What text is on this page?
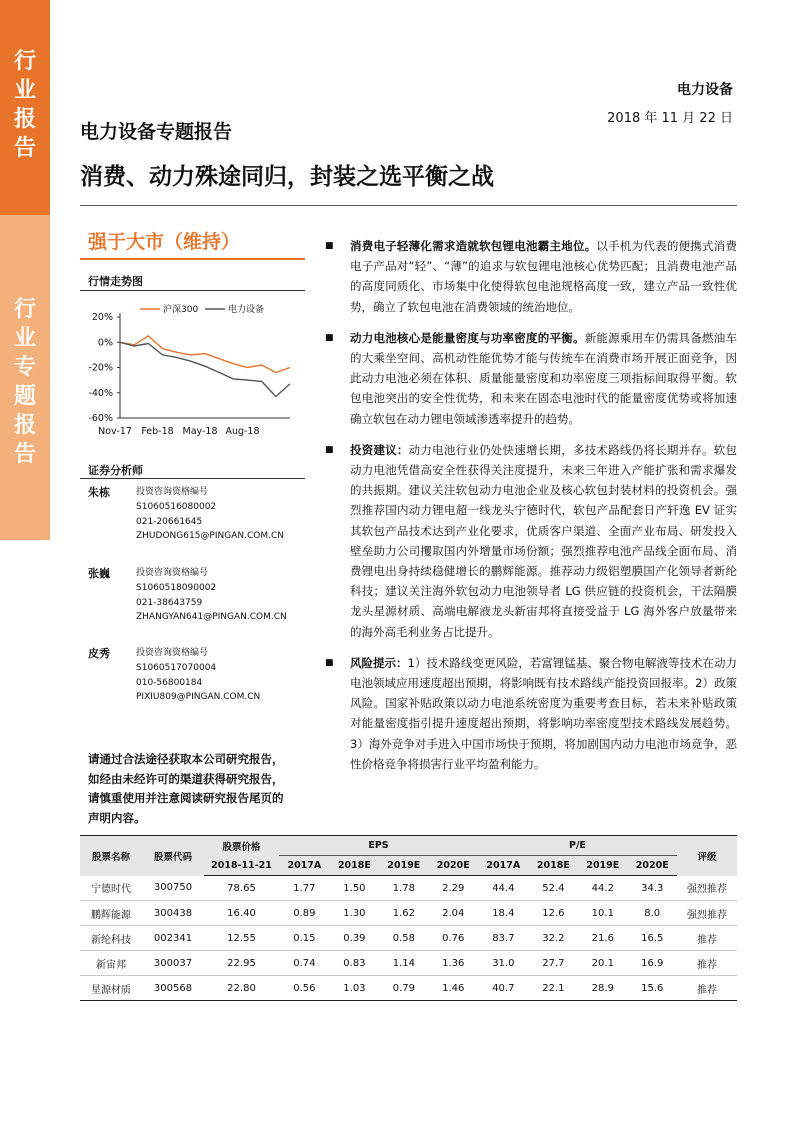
行
业
报
告
行
业
专
题
报
告
电力设备
2018 年 11 月 22 日
电力设备专题报告
消费、动力殊途同归，封装之选平衡之战
强于大市（维持）
行情走势图
20%
0%
-20%
-40%
-60%
Nov-17 Feb-18 May-18 Aug-18
沪深300	电力设备
证券分析师
朱栋	投资咨询资格编号
S1060516080002
021-20661645
ZHUDONG615@PINGAN.COM.CN
张巍	投资咨询资格编号
S1060518090002
021-38643759
ZHANGYAN641@PINGAN.COM.CN
皮秀	投资咨询资格编号
S1060517070004
010-56800184
PIXIU809@PINGAN.COM.CN
请通过合法途径获取本公司研究报告，如经由未经许可的渠道获得研究报告，请慎重使用并注意阅读研究报告尾页的声明内容。
■ 消费电子轻薄化需求造就软包锂电池霸主地位。以手机为代表的便携式消费电子产品对“轻”、“薄”的追求与软包锂电池核心优势匹配；且消费电池产品的高度同质化、市场集中化使得软包电池规格高度一致，建立产品一致性优势，确立了软包电池在消费领域的统治地位。
■ 动力电池核心是能量密度与功率密度的平衡。新能源乘用车仍需具备燃油车的大乘坐空间、高机动性能优势才能与传统车在消费市场开展正面竞争，因此动力电池必须在体积、质量能量密度和功率密度三项指标间取得平衡。软包电池突出的安全性优势，和未来在固态电池时代的能量密度优势或将加速确立软包在动力锂电领域渗透率提升的趋势。
■ 投资建议：动力电池行业仍处快速增长期，多技术路线仍将长期并存。软包动力电池凭借高安全性获得关注度提升，未来三年进入产能扩张和需求爆发的共振期。建议关注软包动力电池企业及核心软包封装材料的投资机会。强烈推荐国内动力锂电超一线龙头宁德时代，软包产品配套日产轩逸 EV 证实其软包产品技术达到产业化要求，优质客户渠道、全面产业布局、研发投入壁垒助力公司攫取国内外增量市场份额；强烈推荐电池产品线全面布局、消费锂电出身持续稳健增长的鹏辉能源。推荐动力级铝塑膜国产化领导者新纶科技；建议关注海外软包动力电池领导者 LG 供应链的投资机会，干法隔膜龙头星源材质、高端电解液龙头新宙邦将直接受益于 LG 海外客户放量带来的海外高毛利业务占比提升。
■ 风险提示：1）技术路线变更风险，若富锂锰基、聚合物电解液等技术在动力电池领域应用速度超出预期，将影响既有技术路线产能投资回报率。2）政策风险。国家补贴政策以动力电池系统密度为重要考查目标，若未来补贴政策对能量密度指引提升速度超出预期，将影响功率密度型技术路线发展趋势。3）海外竞争对手进入中国市场快于预期，将加剧国内动力电池市场竞争，恶性价格竞争将损害行业平均盈利能力。
股票名称	股票代码	股票价格	EPS				P/E				评级
		2018-11-21	2017A	2018E	2019E	2020E	2017A	2018E	2019E	2020E	
宁德时代	300750	78.65	1.77	1.50	1.78	2.29	44.4	52.4	44.2	34.3	强烈推荐
鹏辉能源	300438	16.40	0.89	1.30	1.62	2.04	18.4	12.6	10.1	8.0	强烈推荐
新纶科技	002341	12.55	0.15	0.39	0.58	0.76	83.7	32.2	21.6	16.5	推荐
新宙邦	300037	22.95	0.74	0.83	1.14	1.36	31.0	27.7	20.1	16.9	推荐
星源材质	300568	22.80	0.56	1.03	0.79	1.46	40.7	22.1	28.9	15.6	推荐
